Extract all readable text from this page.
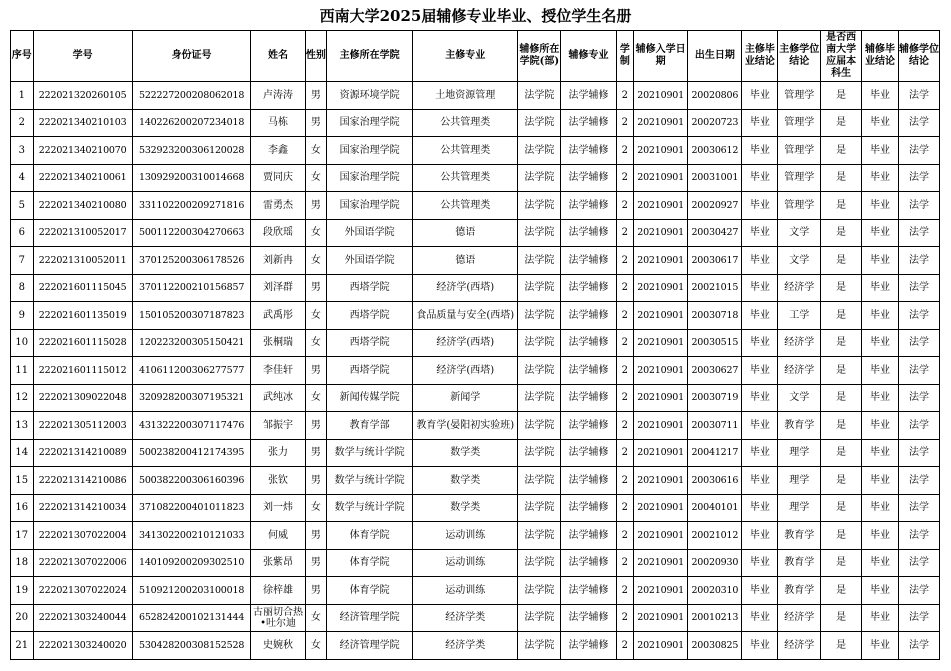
西南大学2025届辅修专业毕业、授位学生名册
序号	学号	身份证号	姓名	性别	主修所在学院	主修专业	辅修所在学院(部)	辅修专业	学制	辅修入学日期	出生日期	主修毕业结论	主修学位结论	是否西南大学应届本科生	辅修毕业结论	辅修学位结论
1	222021320260105	522227200208062018	卢涛涛	男	资源环境学院	土地资源管理	法学院	法学辅修	2	20210901	20020806	毕业	管理学	是	毕业	法学
2	222021340210103	140226200207234018	马栋	男	国家治理学院	公共管理类	法学院	法学辅修	2	20210901	20020723	毕业	管理学	是	毕业	法学
3	222021340210070	532923200306120028	李鑫	女	国家治理学院	公共管理类	法学院	法学辅修	2	20210901	20030612	毕业	管理学	是	毕业	法学
4	222021340210061	130929200310014668	贾同庆	女	国家治理学院	公共管理类	法学院	法学辅修	2	20210901	20031001	毕业	管理学	是	毕业	法学
5	222021340210080	331102200209271816	雷勇杰	男	国家治理学院	公共管理类	法学院	法学辅修	2	20210901	20020927	毕业	管理学	是	毕业	法学
6	222021310052017	500112200304270663	段欣瑶	女	外国语学院	德语	法学院	法学辅修	2	20210901	20030427	毕业	文学	是	毕业	法学
7	222021310052011	370125200306178526	刘新冉	女	外国语学院	德语	法学院	法学辅修	2	20210901	20030617	毕业	文学	是	毕业	法学
8	222021601115045	370112200210156857	刘泽群	男	西塔学院	经济学(西塔)	法学院	法学辅修	2	20210901	20021015	毕业	经济学	是	毕业	法学
9	222021601135019	150105200307187823	武禹彤	女	西塔学院	食品质量与安全(西塔)	法学院	法学辅修	2	20210901	20030718	毕业	工学	是	毕业	法学
10	222021601115028	120223200305150421	张桐瑞	女	西塔学院	经济学(西塔)	法学院	法学辅修	2	20210901	20030515	毕业	经济学	是	毕业	法学
11	222021601115012	410611200306277577	李佳轩	男	西塔学院	经济学(西塔)	法学院	法学辅修	2	20210901	20030627	毕业	经济学	是	毕业	法学
12	222021309022048	320928200307195321	武纯冰	女	新闻传媒学院	新闻学	法学院	法学辅修	2	20210901	20030719	毕业	文学	是	毕业	法学
13	222021305112003	431322200307117476	邹振宇	男	教育学部	教育学(晏阳初实验班)	法学院	法学辅修	2	20210901	20030711	毕业	教育学	是	毕业	法学
14	222021314210089	500238200412174395	张力	男	数学与统计学院	数学类	法学院	法学辅修	2	20210901	20041217	毕业	理学	是	毕业	法学
15	222021314210086	500382200306160396	张钦	男	数学与统计学院	数学类	法学院	法学辅修	2	20210901	20030616	毕业	理学	是	毕业	法学
16	222021314210034	371082200401011823	刘一炜	女	数学与统计学院	数学类	法学院	法学辅修	2	20210901	20040101	毕业	理学	是	毕业	法学
17	222021307022004	341302200210121033	何威	男	体育学院	运动训练	法学院	法学辅修	2	20210901	20021012	毕业	教育学	是	毕业	法学
18	222021307022006	140109200209302510	张紫昂	男	体育学院	运动训练	法学院	法学辅修	2	20210901	20020930	毕业	教育学	是	毕业	法学
19	222021307022024	510921200203100018	徐梓雄	男	体育学院	运动训练	法学院	法学辅修	2	20210901	20020310	毕业	教育学	是	毕业	法学
20	222021303240044	652824200102131444	古丽切合热•吐尔迪	女	经济管理学院	经济学类	法学院	法学辅修	2	20210901	20010213	毕业	经济学	是	毕业	法学
21	222021303240020	530428200308152528	史婉秋	女	经济管理学院	经济学类	法学院	法学辅修	2	20210901	20030825	毕业	经济学	是	毕业	法学
